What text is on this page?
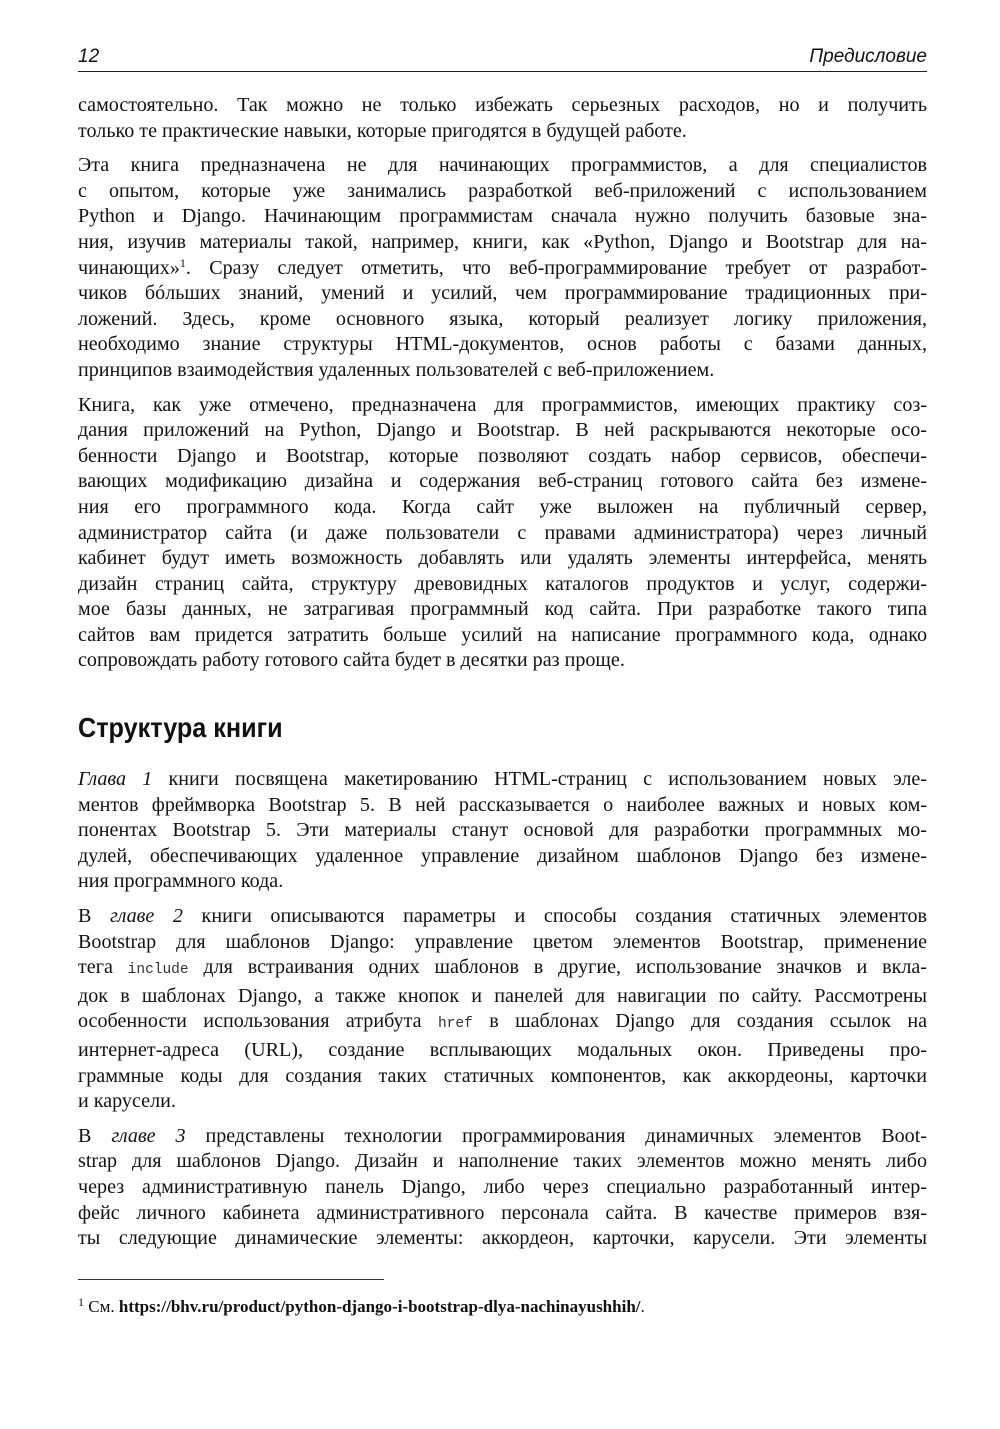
12	Предисловие

самостоятельно. Так можно не только избежать серьезных расходов, но и получить
только те практические навыки, которые пригодятся в будущей работе.

Эта книга предназначена не для начинающих программистов, а для специалистов
с опытом, которые уже занимались разработкой веб-приложений с использованием
Python и Django. Начинающим программистам сначала нужно получить базовые зна-
ния, изучив материалы такой, например, книги, как «Python, Django и Bootstrap для на-
чинающих»$^1$. Сразу следует отметить, что веб-программирование требует от разработ-
чиков бóльших знаний, умений и усилий, чем программирование традиционных при-
ложений. Здесь, кроме основного языка, который реализует логику приложения,
необходимо знание структуры HTML-документов, основ работы с базами данных,
принципов взаимодействия удаленных пользователей с веб-приложением.

Книга, как уже отмечено, предназначена для программистов, имеющих практику соз-
дания приложений на Python, Django и Bootstrap. В ней раскрываются некоторые осо-
бенности Django и Bootstrap, которые позволяют создать набор сервисов, обеспечи-
вающих модификацию дизайна и содержания веб-страниц готового сайта без измене-
ния его программного кода. Когда сайт уже выложен на публичный сервер,
администратор сайта (и даже пользователи с правами администратора) через личный
кабинет будут иметь возможность добавлять или удалять элементы интерфейса, менять
дизайн страниц сайта, структуру древовидных каталогов продуктов и услуг, содержи-
мое базы данных, не затрагивая программный код сайта. При разработке такого типа
сайтов вам придется затратить больше усилий на написание программного кода, однако
сопровождать работу готового сайта будет в десятки раз проще.

Структура книги

Глава 1 книги посвящена макетированию HTML-страниц с использованием новых эле-
ментов фреймворка Bootstrap 5. В ней рассказывается о наиболее важных и новых ком-
понентах Bootstrap 5. Эти материалы станут основой для разработки программных мо-
дулей, обеспечивающих удаленное управление дизайном шаблонов Django без измене-
ния программного кода.

В главе 2 книги описываются параметры и способы создания статичных элементов
Bootstrap для шаблонов Django: управление цветом элементов Bootstrap, применение
тега include для встраивания одних шаблонов в другие, использование значков и вкла-
док в шаблонах Django, а также кнопок и панелей для навигации по сайту. Рассмотрены
особенности использования атрибута href в шаблонах Django для создания ссылок на
интернет-адреса (URL), создание всплывающих модальных окон. Приведены про-
граммные коды для создания таких статичных компонентов, как аккордеоны, карточки
и карусели.

В главе 3 представлены технологии программирования динамичных элементов Boot-
strap для шаблонов Django. Дизайн и наполнение таких элементов можно менять либо
через административную панель Django, либо через специально разработанный интер-
фейс личного кабинета административного персонала сайта. В качестве примеров взя-
ты следующие динамические элементы: аккордеон, карточки, карусели. Эти элементы

$^1$ См. https://bhv.ru/product/python-django-i-bootstrap-dlya-nachinayushhih/.
